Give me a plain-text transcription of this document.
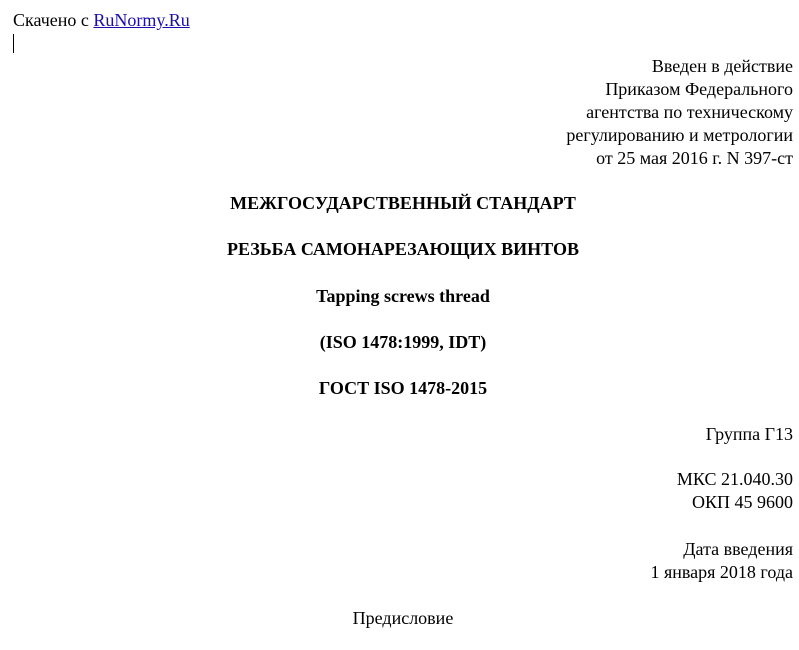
Скачено с RuNormy.Ru
Введен в действие
Приказом Федерального
агентства по техническому
регулированию и метрологии
от 25 мая 2016 г. N 397-ст
МЕЖГОСУДАРСТВЕННЫЙ СТАНДАРТ
РЕЗЬБА САМОНАРЕЗАЮЩИХ ВИНТОВ
Tapping screws thread
(ISO 1478:1999, IDT)
ГОСТ ISO 1478-2015
Группа Г13
МКС 21.040.30
ОКП 45 9600
Дата введения
1 января 2018 года
Предисловие
